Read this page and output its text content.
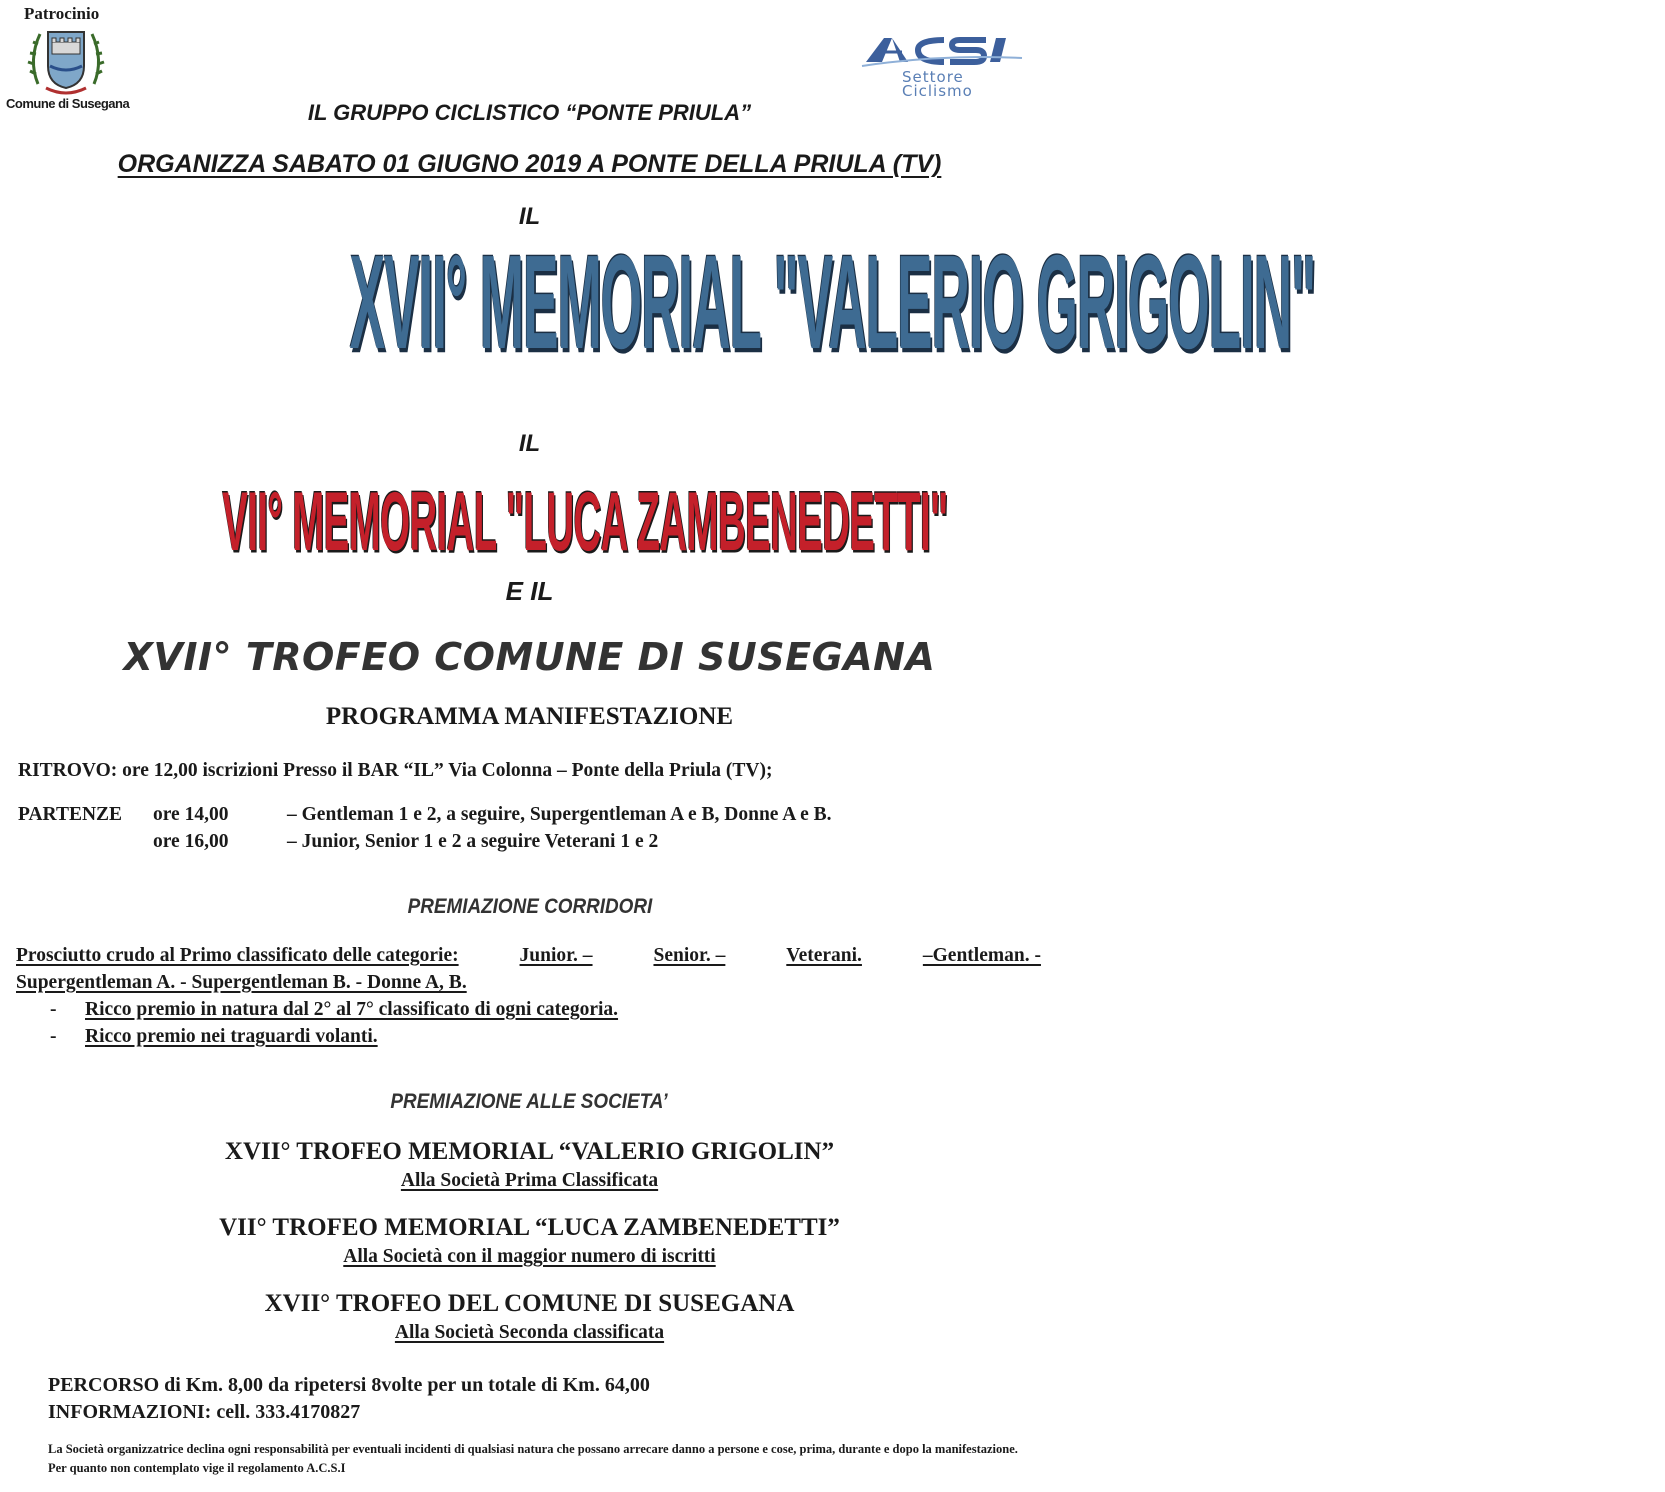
Patrocinio
Comune di Susegana
Settore
Ciclismo
IL GRUPPO CICLISTICO “PONTE PRIULA”
ORGANIZZA SABATO 01 GIUGNO 2019 A PONTE DELLA PRIULA (TV)
IL
XVII° MEMORIAL "VALERIO GRIGOLIN"
IL
VII° MEMORIAL "LUCA ZAMBENEDETTI"
E IL
XVII° TROFEO COMUNE DI SUSEGANA
PROGRAMMA MANIFESTAZIONE
RITROVO: ore 12,00 iscrizioni Presso il BAR “IL” Via Colonna – Ponte della Priula (TV);
PARTENZE ore 14,00	– Gentleman 1 e 2, a seguire, Supergentleman A e B, Donne A e B.
ore 16,00	– Junior, Senior 1 e 2 a seguire Veterani 1 e 2
PREMIAZIONE CORRIDORI
Prosciutto crudo al Primo classificato delle categorie:	Junior. –	Senior. –	Veterani.	–Gentleman. -
Supergentleman A. - Supergentleman B. - Donne A, B.
- Ricco premio in natura dal 2° al 7° classificato di ogni categoria.
- Ricco premio nei traguardi volanti.
PREMIAZIONE ALLE SOCIETA’
XVII° TROFEO MEMORIAL “VALERIO GRIGOLIN”
Alla Società Prima Classificata
VII° TROFEO MEMORIAL “LUCA ZAMBENEDETTI”
Alla Società con il maggior numero di iscritti
XVII° TROFEO DEL COMUNE DI SUSEGANA
Alla Società Seconda classificata
PERCORSO di Km. 8,00 da ripetersi 8volte per un totale di Km. 64,00
INFORMAZIONI: cell. 333.4170827
La Società organizzatrice declina ogni responsabilità per eventuali incidenti di qualsiasi natura che possano arrecare danno a persone e cose, prima, durante e dopo la manifestazione. Per quanto non contemplato vige il regolamento A.C.S.I
